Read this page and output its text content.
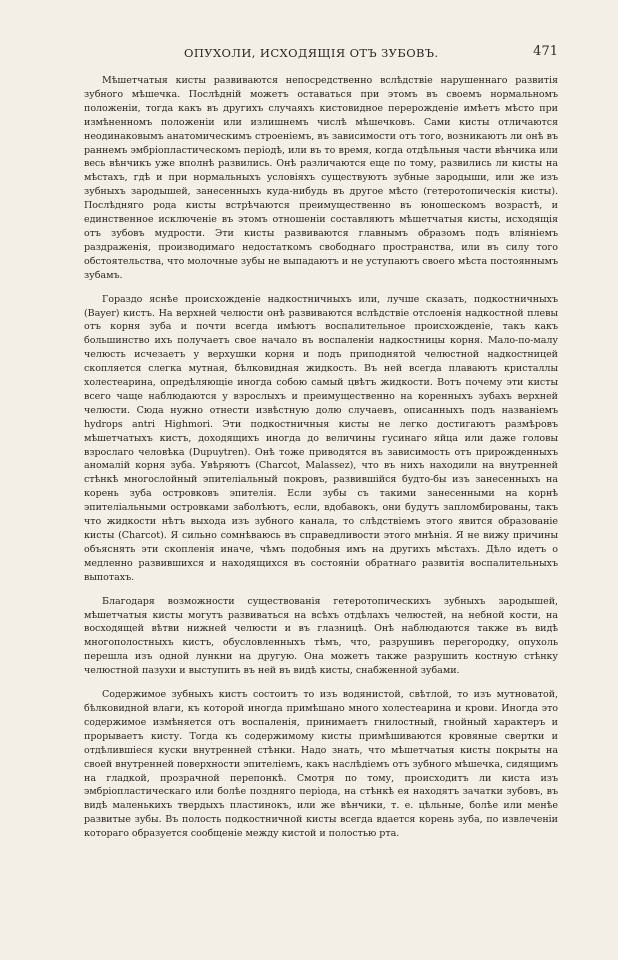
ОПУХОЛИ, ИСХОДЯЩІЯ ОТЪ ЗУБОВЪ.	471

Мѣшетчатыя кисты развиваются непосредственно вслѣдствіе нарушеннаго развитія зубного мѣшечка. Послѣдній можетъ оставаться при этомъ въ своемъ нормальномъ положеніи, тогда какъ въ другихъ случаяхъ кистовидное перерожденіе имѣетъ мѣсто при измѣненномъ положеніи или излишнемъ числѣ мѣшечковъ. Сами кисты отличаются неодинаковымъ анатомическимъ строеніемъ, въ зависимости отъ того, возникаютъ ли онѣ въ раннемъ эмбріопластическомъ періодѣ, или въ то время, когда отдѣльныя части вѣнчика или весь вѣнчикъ уже вполнѣ развились. Онѣ различаются еще по тому, развились ли кисты на мѣстахъ, гдѣ и при нормальныхъ условіяхъ существуютъ зубные зародыши, или же изъ зубныхъ зародышей, занесенныхъ куда-нибудь въ другое мѣсто (гетеротопическія кисты). Послѣдняго рода кисты встрѣчаются преимущественно въ юношескомъ возрастѣ, и единственное исключеніе въ этомъ отношеніи составляютъ мѣшетчатыя кисты, исходящія отъ зубовъ мудрости. Эти кисты развиваются главнымъ образомъ подъ вліяніемъ раздраженія, производимаго недостаткомъ свободнаго пространства, или въ силу того обстоятельства, что молочные зубы не выпадаютъ и не уступаютъ своего мѣста постояннымъ зубамъ.

Гораздо яснѣе происхожденіе надкостничныхъ или, лучше сказать, подкостничныхъ (Bayer) кистъ. На верхней челюсти онѣ развиваются вслѣдствіе отслоенія надкостной плевы отъ корня зуба и почти всегда имѣютъ воспалительное происхожденіе, такъ какъ большинство ихъ получаетъ свое начало въ воспаленіи надкостницы корня. Мало-по-малу челюсть исчезаетъ у верхушки корня и подъ приподнятой челюстной надкостницей скопляется слегка мутная, бѣлковидная жидкость. Въ ней всегда плаваютъ кристаллы холестеарина, опредѣляющіе иногда собою самый цвѣтъ жидкости. Вотъ почему эти кисты всего чаще наблюдаются у взрослыхъ и преимущественно на коренныхъ зубахъ верхней челюсти. Сюда нужно отнести извѣстную долю случаевъ, описанныхъ подъ названіемъ hydrops antri Highmori. Эти подкостничныя кисты не легко достигаютъ размѣровъ мѣшетчатыхъ кистъ, доходящихъ иногда до величины гусинаго яйца или даже головы взрослаго человѣка (Dupuytren). Онѣ тоже приводятся въ зависимость отъ прирожденныхъ аномалій корня зуба. Увѣряютъ (Charcot, Malassez), что въ нихъ находили на внутренней стѣнкѣ многослойный эпителіальный покровъ, развившійся будто-бы изъ занесенныхъ на корень зуба островковъ эпителія. Если зубы съ такими занесенными на корнѣ эпителіальными островками заболѣютъ, если, вдобавокъ, они будутъ запломбированы, такъ что жидкости нѣтъ выхода изъ зубного канала, то слѣдствіемъ этого явится образованіе кисты (Charcot). Я сильно сомнѣваюсь въ справедливости этого мнѣнія. Я не вижу причины объяснять эти скопленія иначе, чѣмъ подобныя имъ на другихъ мѣстахъ. Дѣло идетъ о медленно развившихся и находящихся въ состояніи обратнаго развитія воспалительныхъ выпотахъ.

Благодаря возможности существованія гетеротопическихъ зубныхъ зародышей, мѣшетчатыя кисты могутъ развиваться на всѣхъ отдѣлахъ челюстей, на небной кости, на восходящей вѣтви нижней челюсти и въ глазницѣ. Онѣ наблюдаются также въ видѣ многополостныхъ кистъ, обусловленныхъ тѣмъ, что, разрушивъ перегородку, опухоль перешла изъ одной лункни на другую. Она можетъ также разрушить костную стѣнку челюстной пазухи и выступить въ ней въ видѣ кисты, снабженной зубами.

Содержимое зубныхъ кистъ состоитъ то изъ водянистой, свѣтлой, то изъ мутноватой, бѣлковидной влаги, къ которой иногда примѣшано много холестеарина и крови. Иногда это содержимое измѣняется отъ воспаленія, принимаетъ гнилостный, гнойный характеръ и прорываетъ кисту. Тогда къ содержимому кисты примѣшиваются кровяные свертки и отдѣлившіеся куски внутренней стѣнки. Надо знать, что мѣшетчатыя кисты покрыты на своей внутренней поверхности эпителіемъ, какъ наслѣдіемъ отъ зубного мѣшечка, сидящимъ на гладкой, прозрачной перепонкѣ. Смотря по тому, происходитъ ли киста изъ эмбріопластическаго или болѣе поздняго періода, на стѣнкѣ ея находятъ зачатки зубовъ, въ видѣ маленькихъ твердыхъ пластинокъ, или же вѣнчики, т. е. цѣльные, болѣе или менѣе развитые зубы. Въ полость подкостничной кисты всегда вдается корень зуба, по извлеченіи котораго образуется сообщеніе между кистой и полостью рта.
